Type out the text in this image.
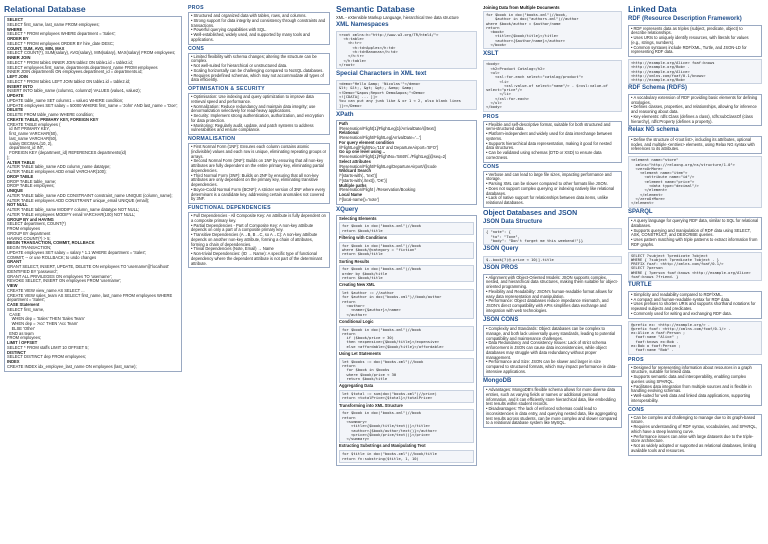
Relational Database
SELECT
SELECT first_name, last_name FROM employees;
WHERE
SELECT * FROM employees WHERE department = 'Sales';
ORDER BY
SELECT * FROM employees ORDER BY hire_date DESC;
COUNT, SUM, AVG, MIN, MAX
SELECT COUNT(*), SUM(salary), AVG(salary), MIN(salary), MAX(salary) FROM employees;
INNER JOIN
SELECT * FROM table1 INNER JOIN table2 ON table1.id = table2.id;
SELECT employees.first_name, departments.department_name FROM employees
INNER JOIN departments ON employees.department_id = departments.id;
LEFT JOIN
SELECT * FROM table1 LEFT JOIN table2 ON table1.id = table2.id;
INSERT INTO
INSERT INTO table_name (column1, column2) VALUES (value1, value2);
UPDATE
UPDATE table_name SET column1 = value1 WHERE condition;
UPDATE employees SET salary = 50000 WHERE first_name = 'John' AND last_name = 'Doe';
DELETE
DELETE FROM table_name WHERE condition;
CREATE TABLE, PRIMARY KEY, FOREIGN KEY
CREATE TABLE employees (
id INT PRIMARY KEY,
first_name VARCHAR(50),
last_name VARCHAR(50),
salary DECIMAL(10, 2),
department_id INT,
FOREIGN KEY (department_id) REFERENCES departments(id)
);
ALTER TABLE
ALTER TABLE table_name ADD column_name datatype;
ALTER TABLE employees ADD email VARCHAR(100);
DROP TABLE
DROP TABLE table_name;
DROP TABLE employees;
UNIQUE
ALTER TABLE table_name ADD CONSTRAINT constraint_name UNIQUE (column_name);
ALTER TABLE employees ADD CONSTRAINT unique_email UNIQUE (email);
NOT NULL
ALTER TABLE table_name MODIFY column_name datatype NOT NULL;
ALTER TABLE employees MODIFY email VARCHAR(100) NOT NULL;
GROUP BY and HAVING
SELECT department, COUNT(*)
FROM employees
GROUP BY department
HAVING COUNT(*) > 5;
BEGIN TRANSACTION, COMMIT, ROLLBACK
BEGIN TRANSACTION;
UPDATE employees SET salary = salary * 1.1 WHERE department = 'Sales';
COMMIT; -- or use ROLLBACK; to undo changes
GRANT
GRANT SELECT, INSERT, UPDATE, DELETE ON employees TO 'username'@'localhost' IDENTIFIED BY 'password';
GRANT ALL PRIVILEGES ON employees TO 'username';
REVOKE SELECT, INSERT ON employees FROM 'username';
VIEW
CREATE VIEW view_name AS SELECT ...
CREATE VIEW sales_team AS SELECT first_name, last_name FROM employees WHERE department = 'Sales';
CASE Statement
SELECT first_name,
CASE
WHEN dep = 'Sales' THEN 'Sales Team'
WHEN dep = 'Acc' THEN 'Acc Team'
ELSE 'Other'
END as team
FROM employees;
LIMIT / OFFSET
SELECT * FROM staffs LIMIT 10 OFFSET 5;
DISTINCT
SELECT DISTINCT dep FROM employees;
INDEX
CREATE INDEX idx_employee_last_name ON employees (last_name);
PROS
• Structured and organized data with tables, rows, and columns.
• Strong support for data integrity and consistency through constraints and transactions.
• Powerful querying capabilities with SQL.
• Well-established, widely used, and supported by many tools and applications.
CONS
• Limited flexibility with schema changes; altering the structure can be complex.
• Not well-suited for hierarchical or unstructured data.
• Scaling horizontally can be challenging compared to NoSQL databases.
• Requires predefined schemas, which may not accommodate all types of data efficiently.
OPTIMISATION & SECURITY
• Optimisation: Use indexing and query optimization to improve data retrieval speed and performance.
• Normalization: Reduce redundancy and maintain data integrity; use denormalization selectively for read-heavy applications.
• Security: Implement strong authentication, authorization, and encryption for data protection.
• Monitoring: Regularly audit, update, and patch systems to address vulnerabilities and ensure compliance.
NORMALISATION
• First Normal Form (1NF): Ensures each column contains atomic (indivisible) values and each row is unique, eliminating repeating groups or arrays.
• Second Normal Form (2NF): Builds on 1NF by ensuring that all non-key attributes are fully dependent on the entire primary key, eliminating partial dependencies.
• Third Normal Form (3NF): Builds on 2NF by ensuring that all non-key attributes are only dependent on the primary key, eliminating transitive dependencies.
• Boyce-Codd Normal Form (BCNF): A stricter version of 3NF where every determinant is a candidate key, addressing certain anomalies not covered by 3NF.
FUNCTIONAL DEPENDENCIES
• Full Dependencies - All Composite Key: An attribute is fully dependent on a composite primary key.
• Partial Dependencies - Part of Composite Key: A non-key attribute depends on only a part of a composite primary key.
• Transitive Dependencies (A→B, B→C, so A→C): A non-key attribute depends on another non-key attribute, forming a chain of attributes, forming a chain of dependencies.
• Trivial Dependencies (Note, Email) → Name
• Non-trivial Dependencies: (ID → Name): A specific type of functional dependency where the dependent attribute is not part of the determinant attribute.
Semantic Database
XML - eXtensible Markup Language, hierarchical tree data structure
XML Namespaces
<root xmlns:h="http://www.w3.org/TR/html4/">
<h:table>
<h:tr>
<h:td>Apples</h:td>
<h:td>Bananas</h:td>
</h:tr>
</h:table>
</root>
Special Characters in XML text
<demo>"Hello &amp; 'Nicolas'"</demo>
&lt; &lt;, &gt; &gt;, &amp; &amp;
<!Demo>"&apos;Report Demo&apos;"<Demo>
<![CDATA[ ... ]]>
You can put any junk like & or 1 < 2, also blank lines
]]></Demo>
XPath
Path
/Reservation/Flight[1]/FlightLeg[1]/ArrivalDate/@text()
Relational
/Reservation/Flight/FlightLeg[ArrivalDate='...']
For query element condition
//FlightLeg[FlightNo='116' and DepartureAirport='SFO']
Go up one level using ..
/Reservation/Flight[1]/FlightNo='5849'/../FlightLeg[@seq=2]
Select attributes
/Reservation/Flight/FlightLeg/DepartureAirport/@code
Wildcard Search
/*[starts-with(., 'text')]
/*[starts-with(./text(), 'OK')]
Multiple paths
/Reservation/Flight | /Reservation/Booking
Local Name
/*[local-name()='note']
XQuery
Selecting Elements
for $book in doc("books.xml")//book
return $book/title
Filtering with Conditions
for $book in doc("books.xml")//book
where $book/@category = "fiction"
return $book/title
Sorting Results
for $book in doc("books.xml")//book
order by $book/title
return $book/title
Creating New XML
let $author := //author
for $author in doc("books.xml")//book/author
return
<author>
<name>{$author}</name>
</author>
Conditional Logic
for $book in doc("books.xml")//book
return
if ($book/price > 30)
then <expensive>{$book/title}</expensive>
else <affordable>{$book/title}</affordable>
Using Let Statements
let $books := doc("books.xml")//book
return
for $book in $books
where $book/price < 30
return $book/title
Aggregating Data
let $total := sum(doc("books.xml")//price)
return <totalPrice>{$total}</totalPrice>
Transforming into XML Structure
for $book in doc("books.xml")//book
return
<summary>
<title>{$book/title/text()}</title>
<author>{$book/author/text()}</author>
<price>{$book/price/text()}</price>
</summary>
Extracting Substrings and Manipulating Text
for $title in doc("books.xml")//book/title
return fn:substring($title, 1, 10)
Joining Data from Multiple Documents
for $book in doc("books.xml")//book,
$author in doc("authors.xml")//author
where $book/author = $author/name
return
<book>
<title>{$book/title}</title>
<author>{$author/name}</author>
</book>
XSLT
<body>
<h2>Product Catalog</h2>
<ul>
<xsl:for-each select="catalog/product">
<li>
<xsl:value-of select="name"/> - $<xsl:value-of select="price"/>
</li>
</xsl:for-each>
</ul>
</body>
PROS
• Flexible and self-descriptive format, suitable for both structured and semi-structured data.
• Platform-independent and widely used for data interchange between systems.
• Supports hierarchical data representation, making it good for nested data structures.
• Can be validated using schemas (DTD or XSD) to ensure data correctness.
CONS
• Verbose and can lead to large file sizes, impacting performance and storage.
• Parsing XML can be slower compared to other formats like JSON.
• Does not support complex querying or indexing natively like relational databases.
• Lack of native support for relationships between data items, unlike relational databases.
Object Databases and JSON
JSON Data Structure
{ "note": {
"to": "Tove",
"body": "Don't forget me this weekend!"}}
JSON Query
$..book[?(@.price < 10)].title
JSON PROS
• Alignment with Object-Oriented Models: JSON supports complex, nested, and hierarchical data structures, making them suitable for object-oriented programming.
• Flexibility and Readability: JSON's human-readable format allows for easy data representation and manipulation.
• Performance: Object databases reduce impedance mismatch, and JSON's direct compatibility with APIs simplifies data exchange and integration with web technologies.
JSON CONS
• Complexity and Standards: Object databases can be complex to manage, and both lack universally query standards, leading to potential compatibility and maintenance challenges.
• Data Redundancy and Consistency Issues: Lack of strict schema enforcement in JSON can cause data inconsistencies, while object databases may struggle with data redundancy without proper management.
• Performance and Size: JSON can be slower and larger in size compared to structured formats, which may impact performance in data-intensive applications.
MongoDB
• Advantages: MongoDB's flexible schema allows for more diverse data entries, such as varying fields or names or additional personal information, and it can efficiently store hierarchical data, like embedding test results within student records.
• Disadvantages: The lack of enforced schemas could lead to inconsistencies in data entry, and querying nested data, like aggregating test results across students, can be more complex and slower compared to a relational database system like MySQL.
Linked Data
RDF (Resource Description Framework)
• RDF represents data as triples (subject, predicate, object) to describe relationships.
• Uses URIs to uniquely identify resources, with literals for values (e.g., strings, numbers).
• Common syntaxes include RDF/XML, Turtle, and JSON-LD for representing RDF data.
<http://example.org/Alice> foaf:knows <http://example.org/Bob> .
<http://example.org/Alice>
<http://xmlns.com/foaf/0.1/knows>
<http://example.org/Bob>
RDF Schema (RDFS)
• A vocabulary extension of RDF providing basic elements for defining ontologies.
• Defines classes, properties, and relationships, allowing for inference and reasoning about data.
• Key elements: rdfs:Class (defines a class), rdfs:subClassOf (class hierarchy), rdfs:Property (defines a property).
Relax NG schema
• Define the structure of <root list>, including its attributes, optional nodes, and multiple <entries> elements, using Relax NG syntax with references to its attributes.
<element name="store"
xmlns="http://relaxng.org/ns/structure/1.0">
<zeroOrMore>
<element name="item">
<attribute name="id"/>
<element name="price">
<data type="decimal"/>
</element>
</element>
</zeroOrMore>
</element>
SPARQL
• A query language for querying RDF data, similar to SQL for relational databases.
• Supports querying and manipulation of RDF data using SELECT, ASK, CONSTRUCT, and DESCRIBE queries.
• Uses pattern matching with triple patterns to extract information from RDF graphs.
SELECT ?subject ?predicate ?object
WHERE { ?subject ?predicate ?object . }
PREFIX foaf: <http://xmlns.com/foaf/0.1/>
SELECT ?person
WHERE { ?person foaf:knows <http://example.org/Alice> foaf:knows ?friend. }
TURTLE
• Simplicity and readability compared to RDF/XML.
• A compact and human-readable syntax for RDF data.
• Uses prefixes to shorten URIs and supports shorthand notations for repeated subjects and predicates.
• Commonly used for writing and exchanging RDF data.
@prefix ex: <http://example.org/> .
@prefix foaf: <http://xmlns.com/foaf/0.1/> .
ex:Alice a foaf:Person ;
foaf:name "Alice" ;
foaf:knows ex:Bob .
ex:Bob a foaf:Person ;
foaf:name "Bob" .
PROS
• Designed for representing information about resources in a graph structure, suitable for linked data.
• Supports semantic data and interoperability, enabling complex queries using SPARQL.
• Facilitates data integration from multiple sources and is flexible in handling evolving schemas.
• Well-suited for web data and linked data applications, supporting interoperability.
CONS
• Can be complex and challenging to manage due to its graph-based nature.
• Requires understanding of RDF syntax, vocabularies, and SPARQL, which have a steep learning curve.
• Performance issues can arise with large datasets due to the triple-store architecture.
• Not as widely adopted or supported as relational databases, limiting available tools and resources.
